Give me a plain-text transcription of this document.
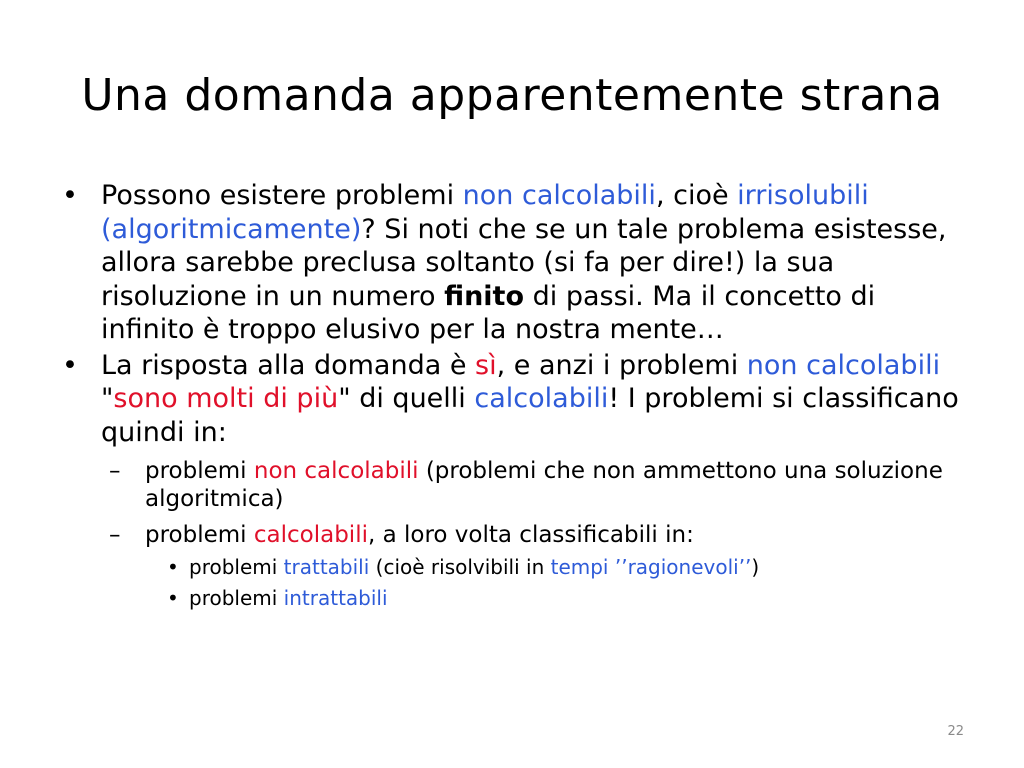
Una domanda apparentemente strana
• Possono esistere problemi non calcolabili, cioè irrisolubili (algoritmicamente)? Si noti che se un tale problema esistesse, allora sarebbe preclusa soltanto (si fa per dire!) la sua risoluzione in un numero finito di passi. Ma il concetto di infinito è troppo elusivo per la nostra mente…
• La risposta alla domanda è sì, e anzi i problemi non calcolabili "sono molti di più" di quelli calcolabili! I problemi si classificano quindi in:
– problemi non calcolabili (problemi che non ammettono una soluzione algoritmica)
– problemi calcolabili, a loro volta classificabili in:
• problemi trattabili (cioè risolvibili in tempi ’’ragionevoli’’)
• problemi intrattabili
22
